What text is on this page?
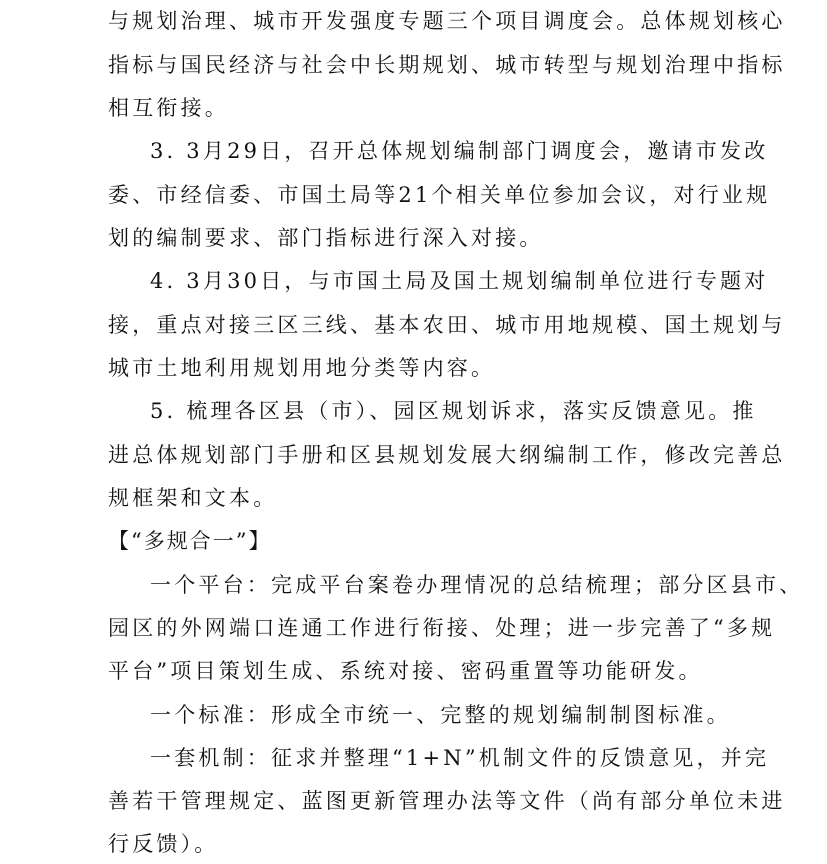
与规划治理、城市开发强度专题三个项目调度会。总体规划核心
指标与国民经济与社会中长期规划、城市转型与规划治理中指标
相互衔接。
3. 3月29日，召开总体规划编制部门调度会，邀请市发改
委、市经信委、市国土局等21个相关单位参加会议，对行业规
划的编制要求、部门指标进行深入对接。
4. 3月30日，与市国土局及国土规划编制单位进行专题对
接，重点对接三区三线、基本农田、城市用地规模、国土规划与
城市土地利用规划用地分类等内容。
5. 梳理各区县（市）、园区规划诉求，落实反馈意见。推
进总体规划部门手册和区县规划发展大纲编制工作，修改完善总
规框架和文本。
【“多规合一”】
一个平台：完成平台案卷办理情况的总结梳理；部分区县市、
园区的外网端口连通工作进行衔接、处理；进一步完善了“多规
平台”项目策划生成、系统对接、密码重置等功能研发。
一个标准：形成全市统一、完整的规划编制制图标准。
一套机制：征求并整理“1+N”机制文件的反馈意见，并完
善若干管理规定、蓝图更新管理办法等文件（尚有部分单位未进
行反馈）。
